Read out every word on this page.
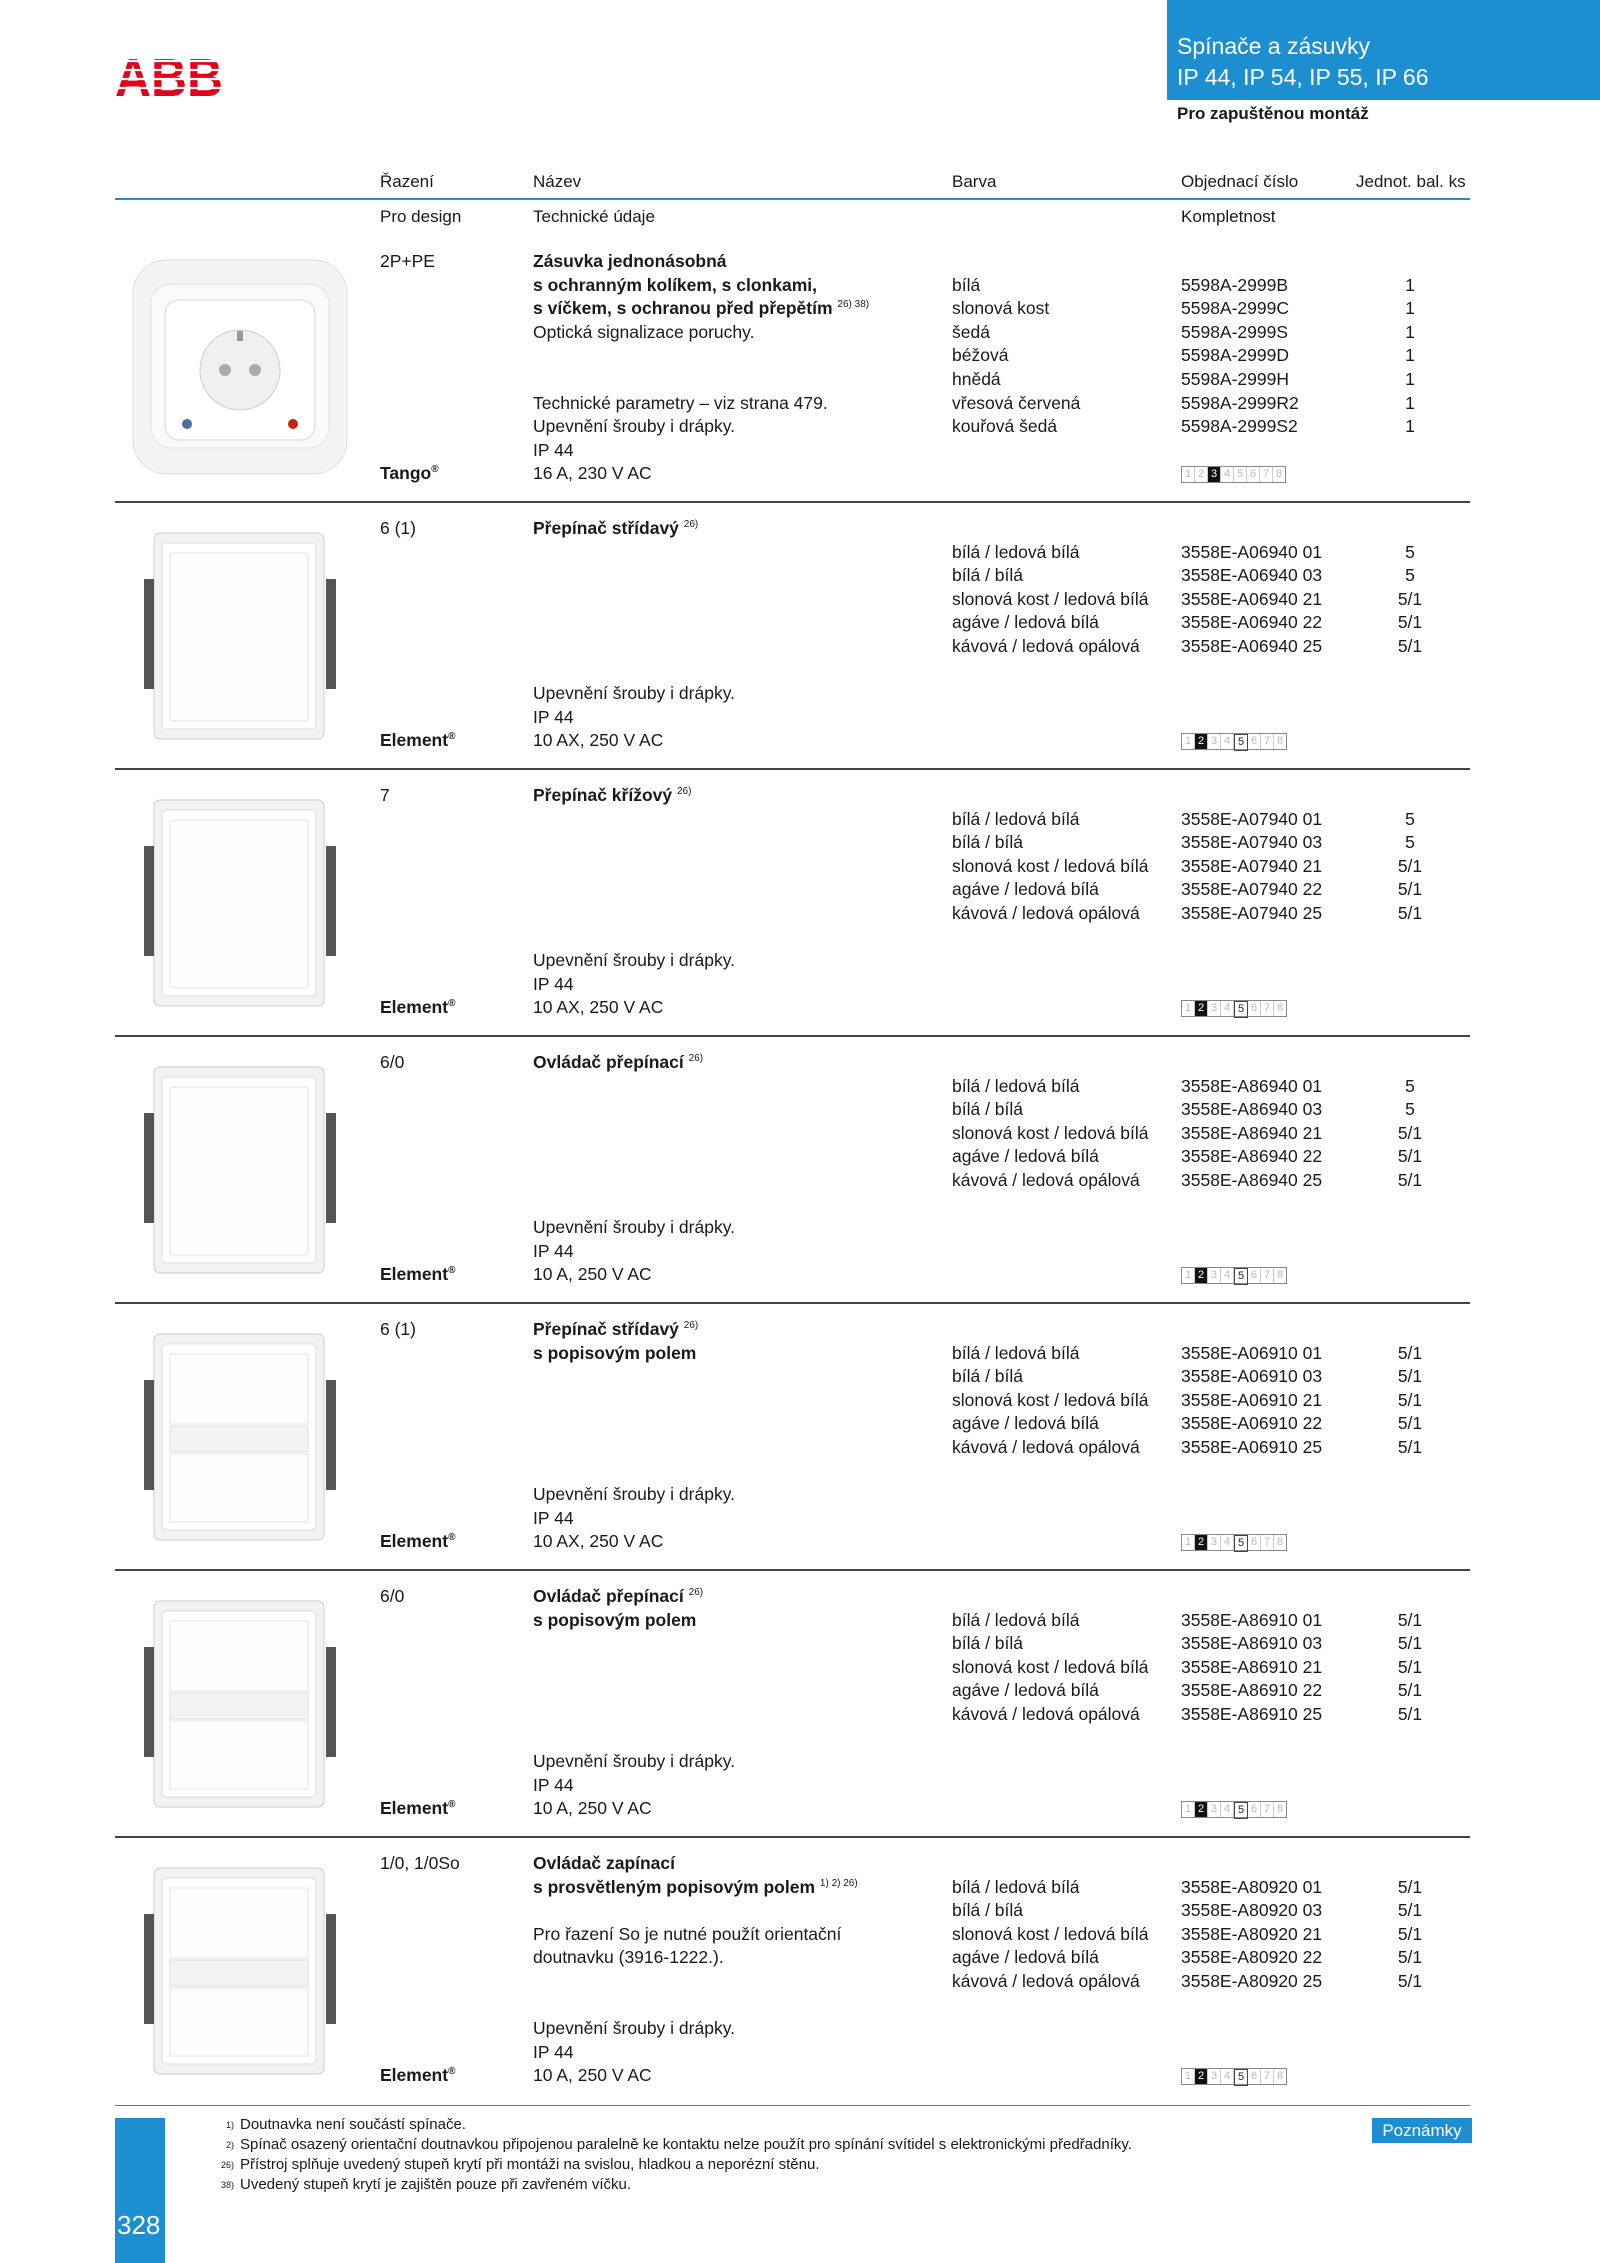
ABB
Spínače a zásuvky
IP 44, IP 54, IP 55, IP 66
Pro zapuštěnou montáž
Řazení	Název	Barva	Objednací číslo	Jednot. bal. ks
Pro design	Technické údaje	Kompletnost
2P+PE	Zásuvka jednonásobná
s ochranným kolíkem, s clonkami,
s víčkem, s ochranou před přepětím $^{26) 38)}$
Optická signalizace poruchy.
Technické parametry – viz strana 479.
Upevnění šrouby i drápky.
IP 44
16 A, 230 V AC
Tango®
bílá	5598A-2999B	1
slonová kost	5598A-2999C	1
šedá	5598A-2999S	1
béžová	5598A-2999D	1
hnědá	5598A-2999H	1
vřesová červená	5598A-2999R2	1
kouřová šedá	5598A-2999S2	1
1 2 3 4 5 6 7 8
6 (1)	Přepínač střídavý $^{26)}$
Upevnění šrouby i drápky.
IP 44
10 AX, 250 V AC
Element®
bílá / ledová bílá	3558E-A06940 01	5
bílá / bílá	3558E-A06940 03	5
slonová kost / ledová bílá 3558E-A06940 21	5/1
agáve / ledová bílá	3558E-A06940 22	5/1
kávová / ledová opálová 3558E-A06940 25	5/1
1 2 3 4 5 6 7 8
7	Přepínač křížový $^{26)}$
Upevnění šrouby i drápky.
IP 44
10 AX, 250 V AC
Element®
bílá / ledová bílá	3558E-A07940 01	5
bílá / bílá	3558E-A07940 03	5
slonová kost / ledová bílá 3558E-A07940 21	5/1
agáve / ledová bílá	3558E-A07940 22	5/1
kávová / ledová opálová 3558E-A07940 25	5/1
1 2 3 4 5 6 7 8
6/0	Ovládač přepínací $^{26)}$
Upevnění šrouby i drápky.
IP 44
10 A, 250 V AC
Element®
bílá / ledová bílá	3558E-A86940 01	5
bílá / bílá	3558E-A86940 03	5
slonová kost / ledová bílá 3558E-A86940 21	5/1
agáve / ledová bílá	3558E-A86940 22	5/1
kávová / ledová opálová 3558E-A86940 25	5/1
1 2 3 4 5 6 7 8
6 (1)	Přepínač střídavý $^{26)}$
s popisovým polem
Upevnění šrouby i drápky.
IP 44
10 AX, 250 V AC
Element®
bílá / ledová bílá	3558E-A06910 01	5/1
bílá / bílá	3558E-A06910 03	5/1
slonová kost / ledová bílá 3558E-A06910 21	5/1
agáve / ledová bílá	3558E-A06910 22	5/1
kávová / ledová opálová 3558E-A06910 25	5/1
1 2 3 4 5 6 7 8
6/0	Ovládač přepínací $^{26)}$
s popisovým polem
Upevnění šrouby i drápky.
IP 44
10 A, 250 V AC
Element®
bílá / ledová bílá	3558E-A86910 01	5/1
bílá / bílá	3558E-A86910 03	5/1
slonová kost / ledová bílá 3558E-A86910 21	5/1
agáve / ledová bílá	3558E-A86910 22	5/1
kávová / ledová opálová 3558E-A86910 25	5/1
1 2 3 4 5 6 7 8
1/0, 1/0So	Ovládač zapínací
s prosvětleným popisovým polem $^{1) 2) 26)}$
Pro řazení So je nutné použít orientační
doutnavku (3916-1222.).
Upevnění šrouby i drápky.
IP 44
10 A, 250 V AC
Element®
bílá / ledová bílá	3558E-A80920 01	5/1
bílá / bílá	3558E-A80920 03	5/1
slonová kost / ledová bílá 3558E-A80920 21	5/1
agáve / ledová bílá	3558E-A80920 22	5/1
kávová / ledová opálová 3558E-A80920 25	5/1
1 2 3 4 5 6 7 8
328
Poznámky
1) Doutnavka není součástí spínače.
2) Spínač osazený orientační doutnavkou připojenou paralelně ke kontaktu nelze použít pro spínání svítidel s elektronickými předřadníky.
26) Přístroj splňuje uvedený stupeň krytí při montáži na svislou, hladkou a neporézní stěnu.
38) Uvedený stupeň krytí je zajištěn pouze při zavřeném víčku.
